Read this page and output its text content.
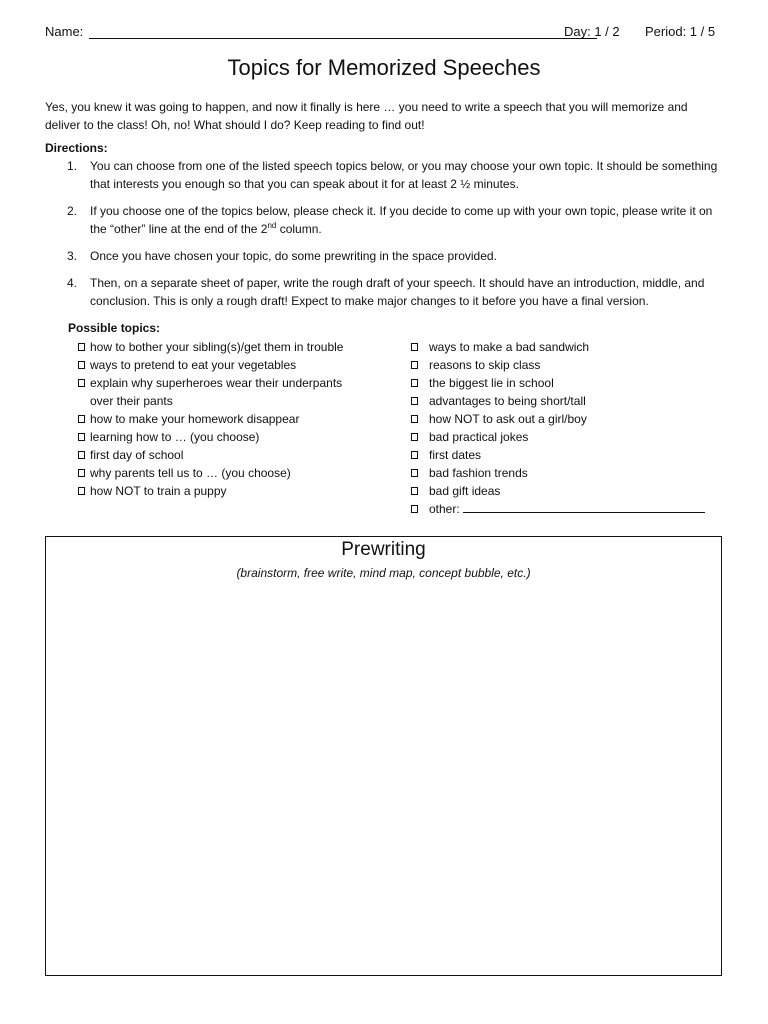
Name:	Day: 1 / 2 Period: 1 / 5
Topics for Memorized Speeches
Yes, you knew it was going to happen, and now it finally is here … you need to write a speech that you will memorize and deliver to the class! Oh, no! What should I do? Keep reading to find out!
Directions:
1. You can choose from one of the listed speech topics below, or you may choose your own topic. It should be something that interests you enough so that you can speak about it for at least 2 ½ minutes.
2. If you choose one of the topics below, please check it. If you decide to come up with your own topic, please write it on the “other” line at the end of the 2nd column.
3. Once you have chosen your topic, do some prewriting in the space provided.
4. Then, on a separate sheet of paper, write the rough draft of your speech. It should have an introduction, middle, and conclusion. This is only a rough draft! Expect to make major changes to it before you have a final version.
Possible topics:
how to bother your sibling(s)/get them in trouble
ways to pretend to eat your vegetables
explain why superheroes wear their underpants over their pants
how to make your homework disappear
learning how to … (you choose)
first day of school
why parents tell us to … (you choose)
how NOT to train a puppy
ways to make a bad sandwich
reasons to skip class
the biggest lie in school
advantages to being short/tall
how NOT to ask out a girl/boy
bad practical jokes
first dates
bad fashion trends
bad gift ideas
other:
Prewriting
(brainstorm, free write, mind map, concept bubble, etc.)
